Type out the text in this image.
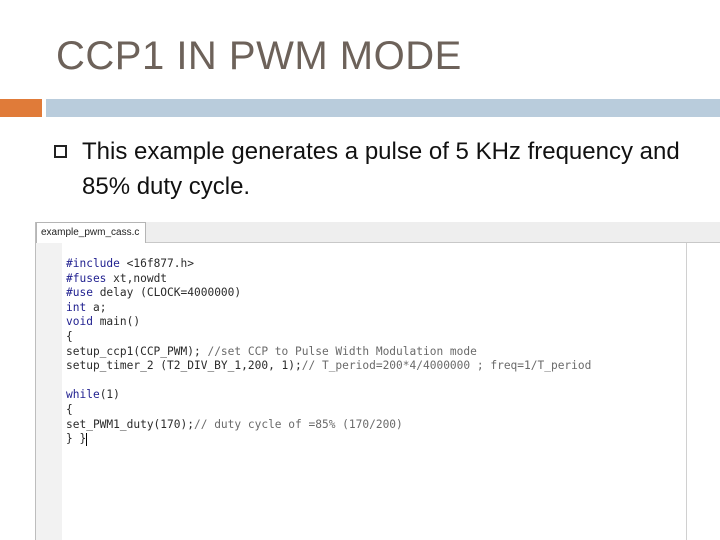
CCP1 IN PWM MODE
This example generates a pulse of 5 KHz frequency and 85% duty cycle.
example_pwm_cass.c
#include <16f877.h>
#fuses xt,nowdt
#use delay (CLOCK=4000000)
int a;
void main()
{
setup_ccp1(CCP_PWM); //set CCP to Pulse Width Modulation mode
setup_timer_2 (T2_DIV_BY_1,200, 1);// T_period=200*4/4000000 ; freq=1/T_period
while(1)
{
set_PWM1_duty(170);// duty cycle of =85% (170/200)
} }
